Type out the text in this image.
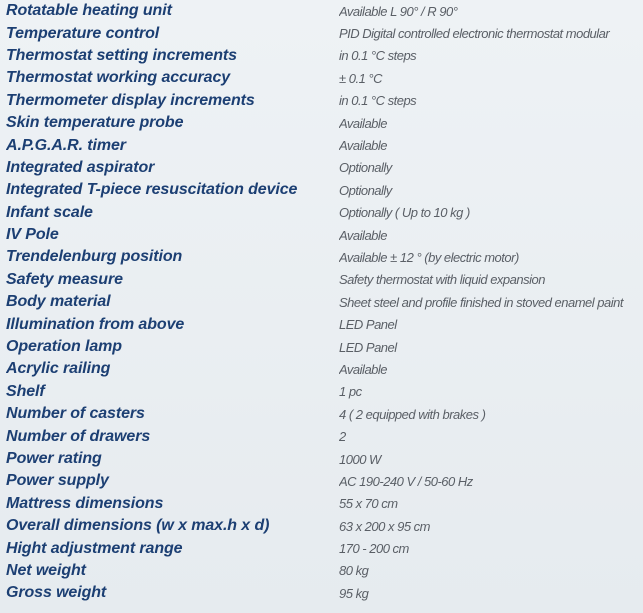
Rotatable heating unit	Available L 90° / R 90°
Temperature control	PID Digital controlled electronic thermostat modular
Thermostat setting increments	in 0.1 °C steps
Thermostat working accuracy	± 0.1 °C
Thermometer display increments	in 0.1 °C steps
Skin temperature probe	Available
A.P.G.A.R. timer	Available
Integrated aspirator	Optionally
Integrated T-piece resuscitation device	Optionally
Infant scale	Optionally ( Up to 10 kg )
IV Pole	Available
Trendelenburg position	Available ± 12 ° (by electric motor)
Safety measure	Safety thermostat with liquid expansion
Body material	Sheet steel and profile finished in stoved enamel paint
Illumination from above	LED Panel
Operation lamp	LED Panel
Acrylic railing	Available
Shelf	1 pc
Number of casters	4 ( 2 equipped with brakes )
Number of drawers	2
Power rating	1000 W
Power supply	AC 190-240 V / 50-60 Hz
Mattress dimensions	55 x 70 cm
Overall dimensions (w x max.h x d)	63 x 200 x 95 cm
Hight adjustment range	170 - 200 cm
Net weight	80 kg
Gross weight	95 kg
